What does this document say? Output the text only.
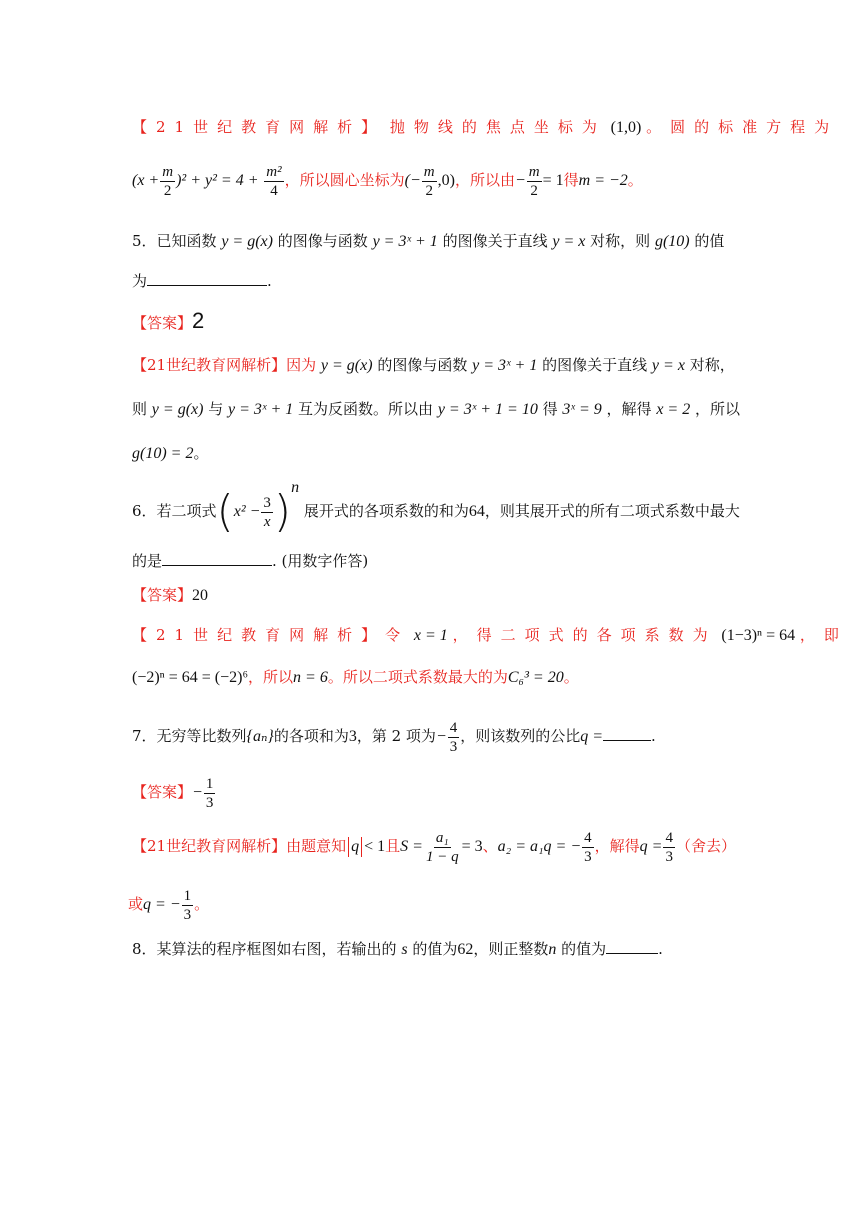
【21世纪教育网解析】 抛物线的焦点坐标为 (1,0) 。圆的标准方程为
$(x + \frac{m}{2} )^2 + y^2 = 4 + \frac{\text{m²}}{4}$ ，所以圆心坐标为(− $\frac{m}{2} ,0$)，所以由− $\frac{m}{2} = 1$得m = −2。
5．已知函数 y = g(x) 的图像与函数 y = 3ˣ + 1 的图像关于直线 y = x 对称，则 g(10) 的值
为	.
【答案】2
【21世纪教育网解析】因为 y = g(x) 的图像与函数 y = 3ˣ + 1 的图像关于直线 y = x 对称，
则 y = g(x) 与 y = 3ˣ + 1 互为反函数。所以由 y = 3ˣ + 1 = 10 得 3ˣ = 9 ，解得 x = 2 ，所以
g(10) = 2。
6．若二项式$(x^2 - \frac{3}{x} )^n$ 展开式的各项系数的和为64，则其展开式的所有二项式系数中最大
的是	. (用数字作答)
【答案】20
【21世纪教育网解析】令 x = 1 ，得二项式的各项系数为 (1−3)ⁿ = 64 ，即
(−2)ⁿ = 64 = (−2)⁶，所以n = 6。所以二项式系数最大的为C₆³ = 20。
7．无穷等比数列{aₙ}的各项和为3，第 2 项为− $\frac{4}{3}$ ，则该数列的公比q =	.
【答案】− $\frac{1}{3}$
【21世纪教育网解析】由题意知 q < 1且$S = \frac{\text{a₁}}{1 - q} = 3$、a₂ = a₁q = − $\frac{4}{3}$ ，解得$q = \frac{4}{3}$ （舍去）
或q = − $\frac{1}{3}$ 。
8．某算法的程序框图如右图，若输出的 s 的值为62，则正整数n 的值为	.
